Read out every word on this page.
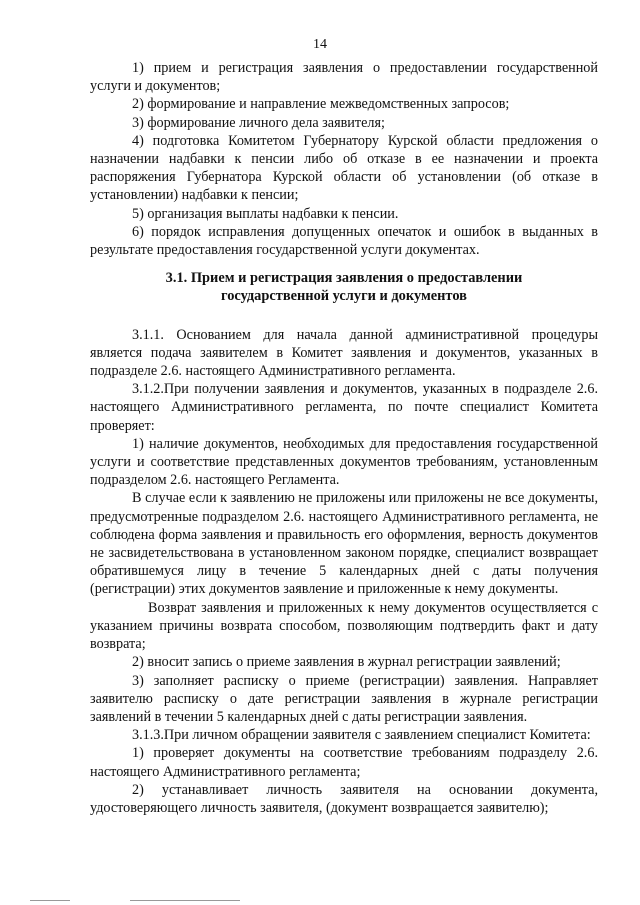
14

1) прием и регистрация заявления о предоставлении государственной услуги и документов;

2) формирование и направление межведомственных запросов;

3) формирование личного дела заявителя;

4) подготовка Комитетом Губернатору Курской области предложения о назначении надбавки к пенсии либо об отказе в ее назначении и проекта распоряжения Губернатора Курской области об установлении (об отказе в установлении) надбавки к пенсии;

5) организация выплаты надбавки к пенсии.

6) порядок исправления допущенных опечаток и ошибок в выданных в результате предоставления государственной услуги документах.

3.1. Прием и регистрация заявления о предоставлении
государственной услуги и документов

3.1.1. Основанием для начала данной административной процедуры является подача заявителем в Комитет заявления и документов, указанных в подразделе 2.6. настоящего Административного регламента.

3.1.2.При получении заявления и документов, указанных в подразделе 2.6. настоящего Административного регламента, по почте специалист Комитета проверяет:

1) наличие документов, необходимых для предоставления государственной услуги и соответствие представленных документов требованиям, установленным подразделом 2.6. настоящего Регламента.

В случае если к заявлению не приложены или приложены не все документы, предусмотренные подразделом 2.6. настоящего Административного регламента, не соблюдена форма заявления и правильность его оформления, верность документов не засвидетельствована в установленном законом порядке, специалист возвращает обратившемуся лицу в течение 5 календарных дней с даты получения (регистрации) этих документов заявление и приложенные к нему документы.

Возврат заявления и приложенных к нему документов осуществляется с указанием причины возврата способом, позволяющим подтвердить факт и дату возврата;

2) вносит запись о приеме заявления в журнал регистрации заявлений;

3) заполняет расписку о приеме (регистрации) заявления. Направляет заявителю расписку о дате регистрации заявления в журнале регистрации заявлений в течении 5 календарных дней с даты регистрации заявления.

3.1.3.При личном обращении заявителя с заявлением специалист Комитета:

1) проверяет документы на соответствие требованиям подразделу 2.6. настоящего Административного регламента;

2) устанавливает личность заявителя на основании документа, удостоверяющего личность заявителя, (документ возвращается заявителю);
